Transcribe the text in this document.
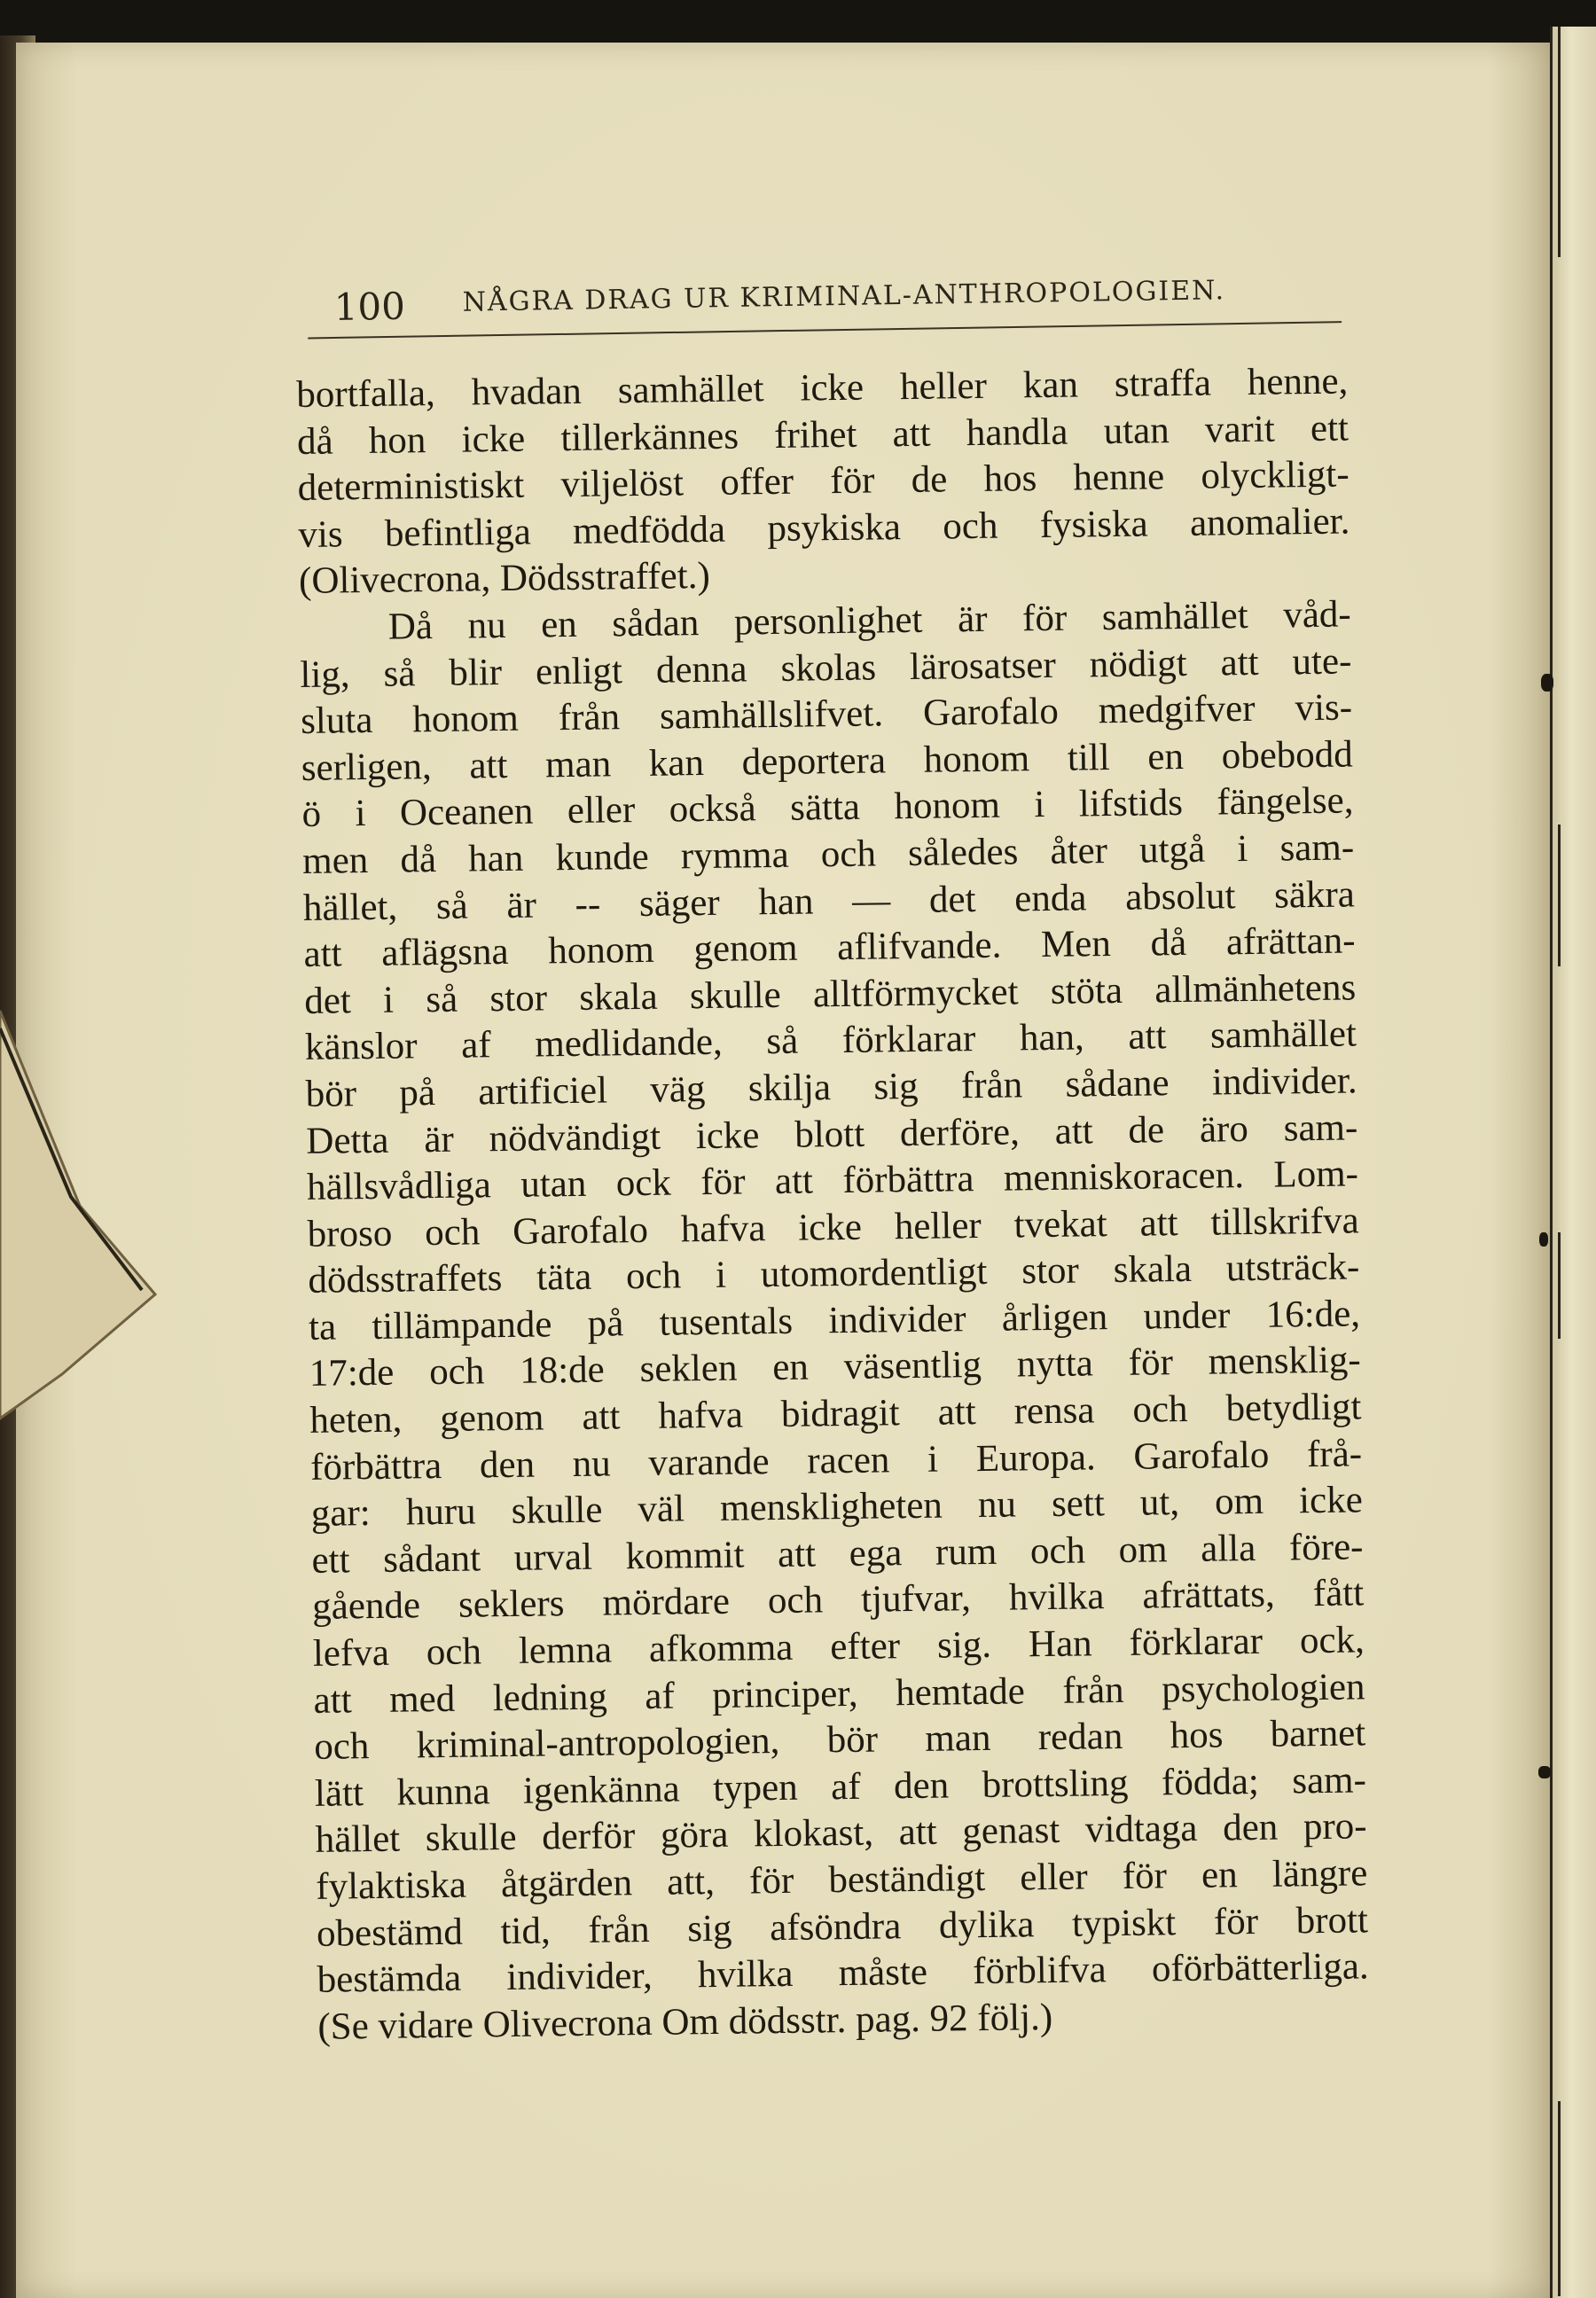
100 NÅGRA DRAG UR KRIMINAL-ANTHROPOLOGIEN.
bortfalla, hvadan samhället icke heller kan straffa henne,
då hon icke tillerkännes frihet att handla utan varit ett
deterministiskt viljelöst offer för de hos henne olyckligt-
vis befintliga medfödda psykiska och fysiska anomalier.
(Olivecrona, Dödsstraffet.)
Då nu en sådan personlighet är för samhället våd-
lig, så blir enligt denna skolas lärosatser nödigt att ute-
sluta honom från samhällslifvet. Garofalo medgifver vis-
serligen, att man kan deportera honom till en obebodd
ö i Oceanen eller också sätta honom i lifstids fängelse,
men då han kunde rymma och således åter utgå i sam-
hället, så är -- säger han — det enda absolut säkra
att aflägsna honom genom aflifvande. Men då afrättan-
det i så stor skala skulle alltförmycket stöta allmänhetens
känslor af medlidande, så förklarar han, att samhället
bör på artificiel väg skilja sig från sådane individer.
Detta är nödvändigt icke blott derföre, att de äro sam-
hällsvådliga utan ock för att förbättra menniskoracen. Lom-
broso och Garofalo hafva icke heller tvekat att tillskrifva
dödsstraffets täta och i utomordentligt stor skala utsträck-
ta tillämpande på tusentals individer årligen under 16:de,
17:de och 18:de seklen en väsentlig nytta för mensklig-
heten, genom att hafva bidragit att rensa och betydligt
förbättra den nu varande racen i Europa. Garofalo frå-
gar: huru skulle väl menskligheten nu sett ut, om icke
ett sådant urval kommit att ega rum och om alla före-
gående seklers mördare och tjufvar, hvilka afrättats, fått
lefva och lemna afkomma efter sig. Han förklarar ock,
att med ledning af principer, hemtade från psychologien
och kriminal-antropologien, bör man redan hos barnet
lätt kunna igenkänna typen af den brottsling födda; sam-
hället skulle derför göra klokast, att genast vidtaga den pro-
fylaktiska åtgärden att, för beständigt eller för en längre
obestämd tid, från sig afsöndra dylika typiskt för brott
bestämda individer, hvilka måste förblifva oförbätterliga.
(Se vidare Olivecrona Om dödsstr. pag. 92 följ.)
